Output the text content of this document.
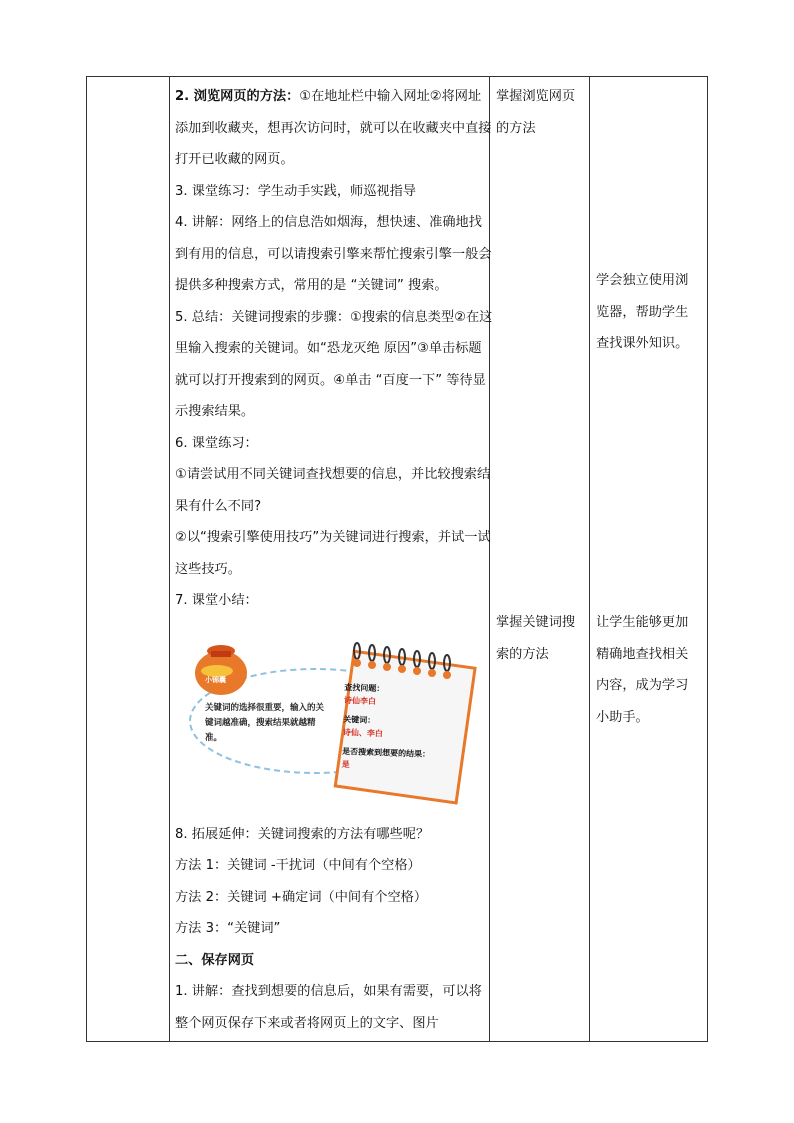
2. 浏览网页的方法：①在地址栏中输入网址②将网址添加到收藏夹，想再次访问时，就可以在收藏夹中直接打开已收藏的网页。

3. 课堂练习：学生动手实践，师巡视指导

4. 讲解：网络上的信息浩如烟海，想快速、准确地找到有用的信息，可以请搜索引擎来帮忙搜索引擎一般会提供多种搜索方式，常用的是 “关键词” 搜索。

5. 总结：关键词搜索的步骤：①搜索的信息类型②在这里输入搜索的关键词。如“恐龙灭绝 原因”③单击标题就可以打开搜索到的网页。④单击 “百度一下” 等待显示搜索结果。

6. 课堂练习：

①请尝试用不同关键词查找想要的信息，并比较搜索结果有什么不同?

②以“搜索引擎使用技巧”为关键词进行搜索，并试一试这些技巧。

7. 课堂小结：

小锦囊
关键词的选择很重要，输入的关键词越准确，搜索结果就越精准。
查找问题：
诗仙李白
关键词：
诗仙、李白
是否搜索到想要的结果：
是

8. 拓展延伸：关键词搜索的方法有哪些呢？

方法 1：关键词 -干扰词（中间有个空格）

方法 2：关键词 +确定词（中间有个空格）

方法 3：“关键词”

二、保存网页

1. 讲解：查找到想要的信息后，如果有需要，可以将整个网页保存下来或者将网页上的文字、图片

掌握浏览网页的方法

掌握关键词搜索的方法

学会独立使用浏览器，帮助学生查找课外知识。

让学生能够更加精确地查找相关内容，成为学习小助手。
